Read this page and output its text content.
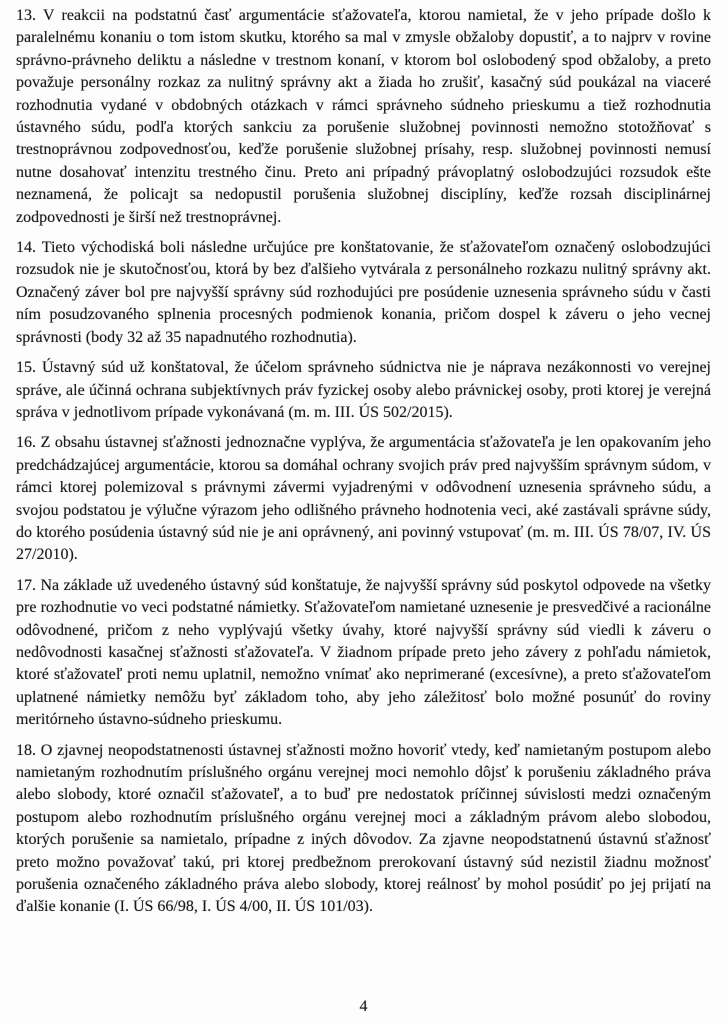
13. V reakcii na podstatnú časť argumentácie sťažovateľa, ktorou namietal, že v jeho prípade došlo k paralelnému konaniu o tom istom skutku, ktorého sa mal v zmysle obžaloby dopustiť, a to najprv v rovine správno-právneho deliktu a následne v trestnom konaní, v ktorom bol oslobodený spod obžaloby, a preto považuje personálny rozkaz za nulitný správny akt a žiada ho zrušiť, kasačný súd poukázal na viaceré rozhodnutia vydané v obdobných otázkach v rámci správneho súdneho prieskumu a tiež rozhodnutia ústavného súdu, podľa ktorých sankciu za porušenie služobnej povinnosti nemožno stotožňovať s trestnoprávnou zodpovednosťou, keďže porušenie služobnej prísahy, resp. služobnej povinnosti nemusí nutne dosahovať intenzitu trestného činu. Preto ani prípadný právoplatný oslobodzujúci rozsudok ešte neznamená, že policajt sa nedopustil porušenia služobnej disciplíny, keďže rozsah disciplinárnej zodpovednosti je širší než trestnoprávnej.

14. Tieto východiská boli následne určujúce pre konštatovanie, že sťažovateľom označený oslobodzujúci rozsudok nie je skutočnosťou, ktorá by bez ďalšieho vytvárala z personálneho rozkazu nulitný správny akt. Označený záver bol pre najvyšší správny súd rozhodujúci pre posúdenie uznesenia správneho súdu v časti ním posudzovaného splnenia procesných podmienok konania, pričom dospel k záveru o jeho vecnej správnosti (body 32 až 35 napadnutého rozhodnutia).

15. Ústavný súd už konštatoval, že účelom správneho súdnictva nie je náprava nezákonnosti vo verejnej správe, ale účinná ochrana subjektívnych práv fyzickej osoby alebo právnickej osoby, proti ktorej je verejná správa v jednotlivom prípade vykonávaná (m. m. III. ÚS 502/2015).

16. Z obsahu ústavnej sťažnosti jednoznačne vyplýva, že argumentácia sťažovateľa je len opakovaním jeho predchádzajúcej argumentácie, ktorou sa domáhal ochrany svojich práv pred najvyšším správnym súdom, v rámci ktorej polemizoval s právnymi závermi vyjadrenými v odôvodnení uznesenia správneho súdu, a svojou podstatou je výlučne výrazom jeho odlišného právneho hodnotenia veci, aké zastávali správne súdy, do ktorého posúdenia ústavný súd nie je ani oprávnený, ani povinný vstupovať (m. m. III. ÚS 78/07, IV. ÚS 27/2010).

17. Na základe už uvedeného ústavný súd konštatuje, že najvyšší správny súd poskytol odpovede na všetky pre rozhodnutie vo veci podstatné námietky. Sťažovateľom namietané uznesenie je presvedčivé a racionálne odôvodnené, pričom z neho vyplývajú všetky úvahy, ktoré najvyšší správny súd viedli k záveru o nedôvodnosti kasačnej sťažnosti sťažovateľa. V žiadnom prípade preto jeho závery z pohľadu námietok, ktoré sťažovateľ proti nemu uplatnil, nemožno vnímať ako neprimerané (excesívne), a preto sťažovateľom uplatnené námietky nemôžu byť základom toho, aby jeho záležitosť bolo možné posunúť do roviny meritórneho ústavno-súdneho prieskumu.

18. O zjavnej neopodstatnenosti ústavnej sťažnosti možno hovoriť vtedy, keď namietaným postupom alebo namietaným rozhodnutím príslušného orgánu verejnej moci nemohlo dôjsť k porušeniu základného práva alebo slobody, ktoré označil sťažovateľ, a to buď pre nedostatok príčinnej súvislosti medzi označeným postupom alebo rozhodnutím príslušného orgánu verejnej moci a základným právom alebo slobodou, ktorých porušenie sa namietalo, prípadne z iných dôvodov. Za zjavne neopodstatnenú ústavnú sťažnosť preto možno považovať takú, pri ktorej predbežnom prerokovaní ústavný súd nezistil žiadnu možnosť porušenia označeného základného práva alebo slobody, ktorej reálnosť by mohol posúdiť po jej prijatí na ďalšie konanie (I. ÚS 66/98, I. ÚS 4/00, II. ÚS 101/03).

4
